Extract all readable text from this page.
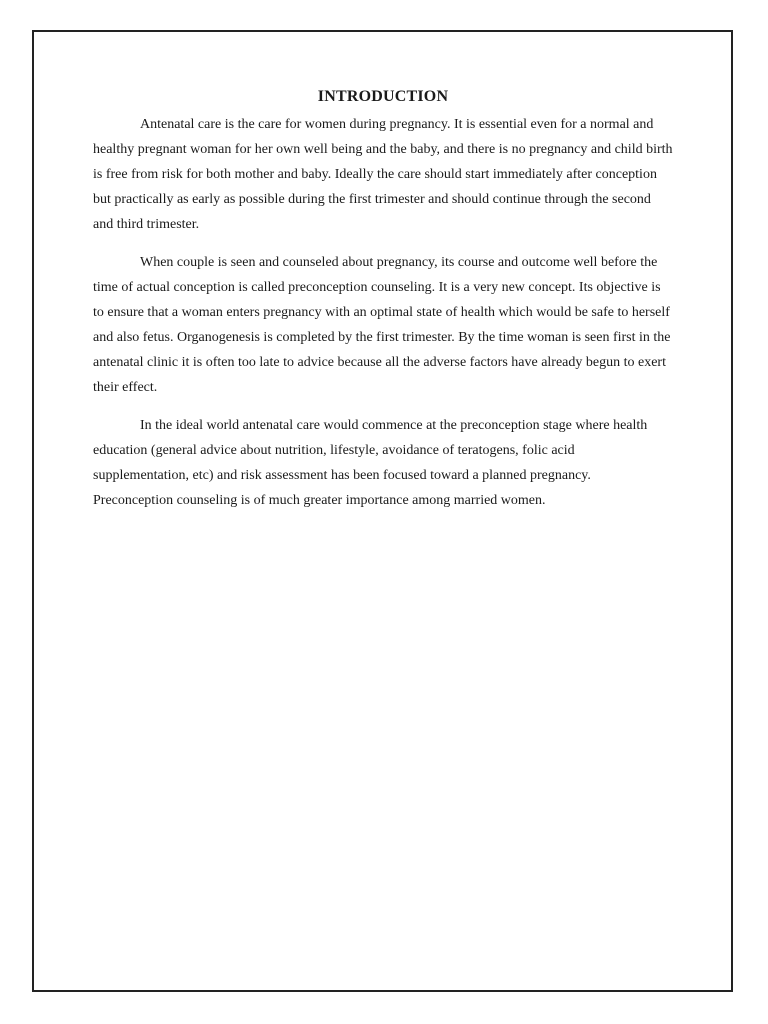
INTRODUCTION

Antenatal care is the care for women during pregnancy. It is essential even for a normal and healthy pregnant woman for her own well being and the baby, and there is no pregnancy and child birth is free from risk for both mother and baby. Ideally the care should start immediately after conception but practically as early as possible during the first trimester and should continue through the second and third trimester.

When couple is seen and counseled about pregnancy, its course and outcome well before the time of actual conception is called preconception counseling. It is a very new concept. Its objective is to ensure that a woman enters pregnancy with an optimal state of health which would be safe to herself and also fetus. Organogenesis is completed by the first trimester. By the time woman is seen first in the antenatal clinic it is often too late to advice because all the adverse factors have already begun to exert their effect.

In the ideal world antenatal care would commence at the preconception stage where health education (general advice about nutrition, lifestyle, avoidance of teratogens, folic acid supplementation, etc) and risk assessment has been focused toward a planned pregnancy. Preconception counseling is of much greater importance among married women.
